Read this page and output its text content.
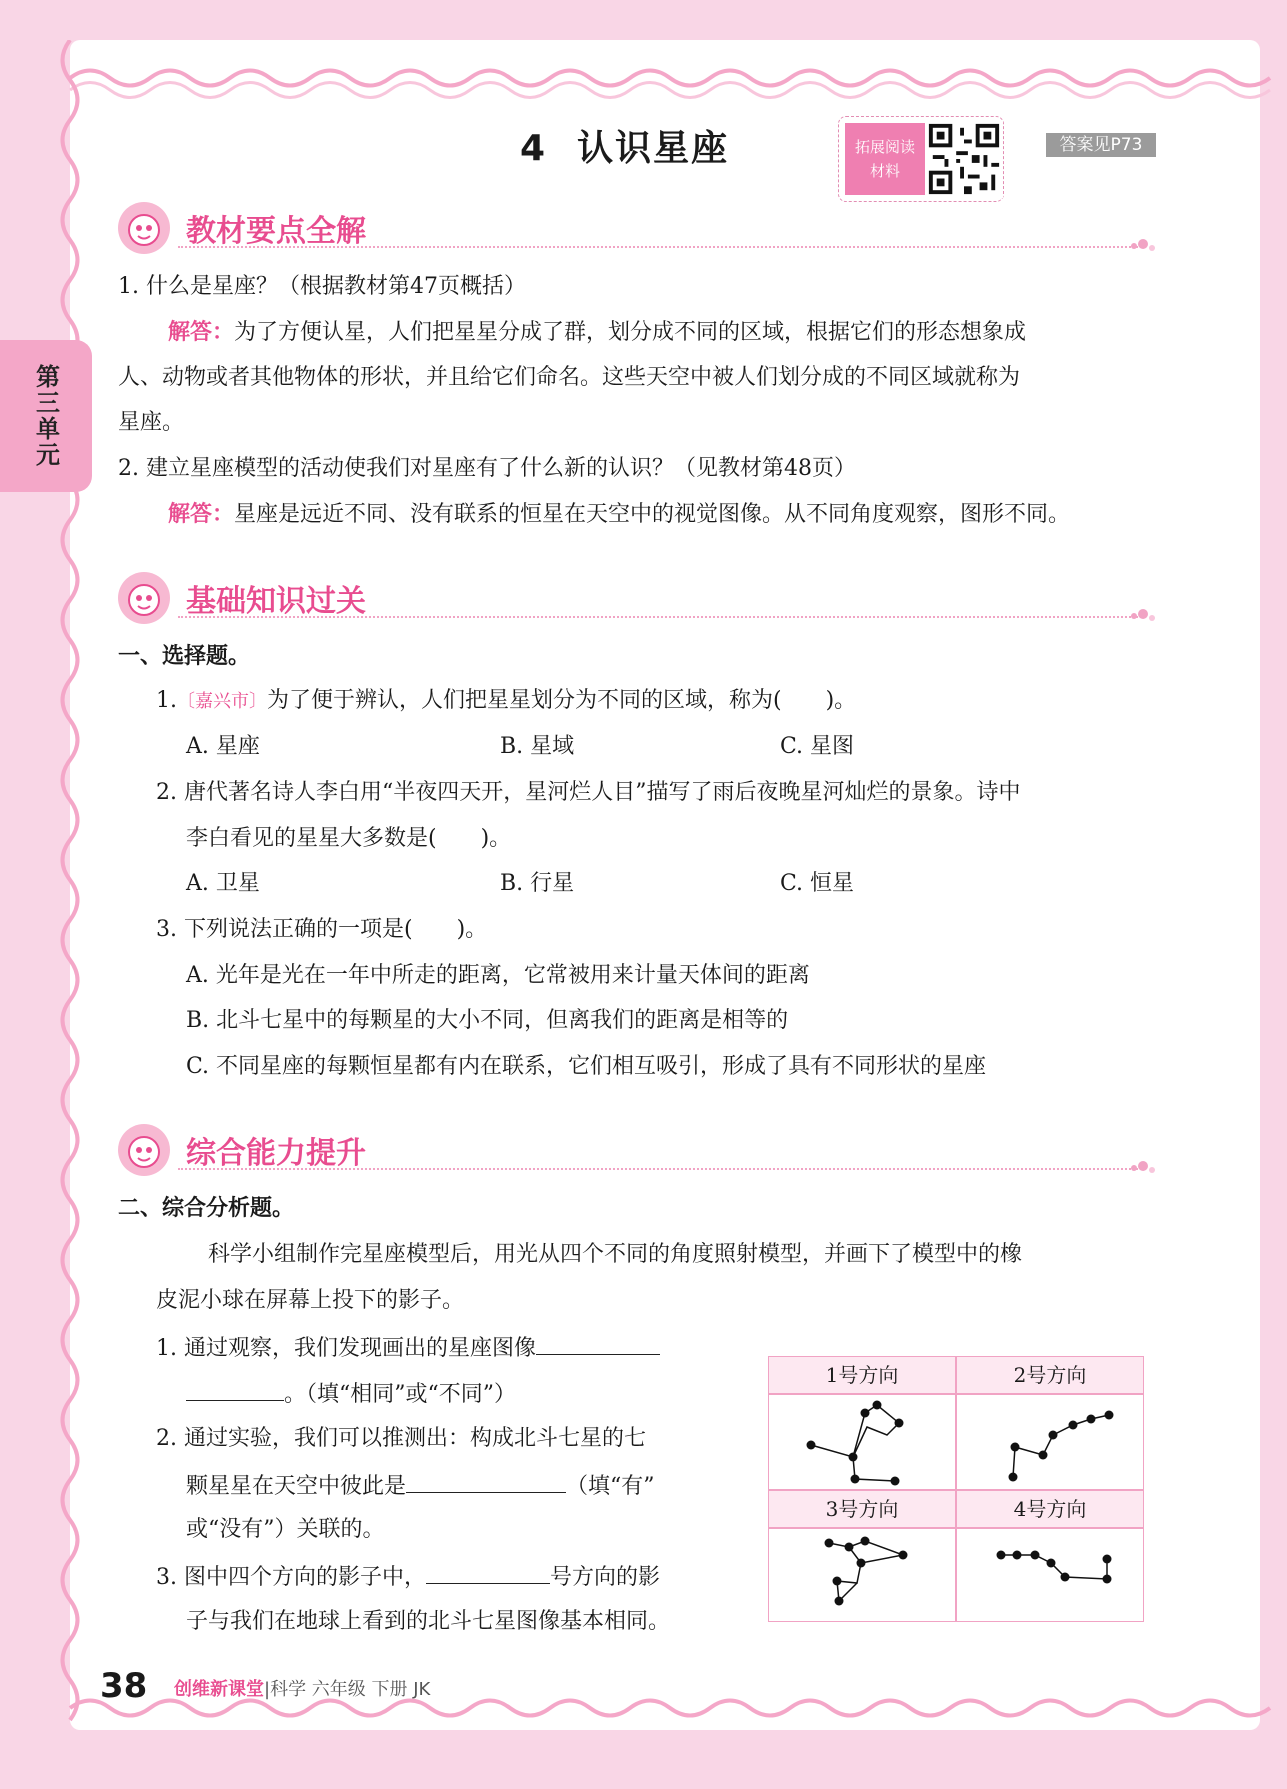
第三单元
4 认识星座	拓展阅读
材料
答案见P73
教材要点全解
1. 什么是星座？（根据教材第47页概括）
解答：为了方便认星，人们把星星分成了群，划分成不同的区域，根据它们的形态想象成
人、动物或者其他物体的形状，并且给它们命名。这些天空中被人们划分成的不同区域就称为
星座。
2. 建立星座模型的活动使我们对星座有了什么新的认识？（见教材第48页）
解答：星座是远近不同、没有联系的恒星在天空中的视觉图像。从不同角度观察，图形不同。
基础知识过关
一、选择题。
1.〔嘉兴市〕为了便于辨认，人们把星星划分为不同的区域，称为(　　)。
A. 星座	B. 星域	C. 星图
2. 唐代著名诗人李白用“半夜四天开，星河烂人目”描写了雨后夜晚星河灿烂的景象。诗中
李白看见的星星大多数是(　　)。
A. 卫星	B. 行星	C. 恒星
3. 下列说法正确的一项是(　　)。
A. 光年是光在一年中所走的距离，它常被用来计量天体间的距离
B. 北斗七星中的每颗星的大小不同，但离我们的距离是相等的
C. 不同星座的每颗恒星都有内在联系，它们相互吸引，形成了具有不同形状的星座
综合能力提升
二、综合分析题。
科学小组制作完星座模型后，用光从四个不同的角度照射模型，并画下了模型中的橡
皮泥小球在屏幕上投下的影子。
1. 通过观察，我们发现画出的星座图像
。（填“相同”或“不同”）
2. 通过实验，我们可以推测出：构成北斗七星的七
颗星星在天空中彼此是	（填“有”
或“没有”）关联的。
3. 图中四个方向的影子中，	号方向的影
子与我们在地球上看到的北斗七星图像基本相同。
1号方向	2号方向
3号方向	4号方向
38 创维新课堂|科学 六年级 下册 JK
